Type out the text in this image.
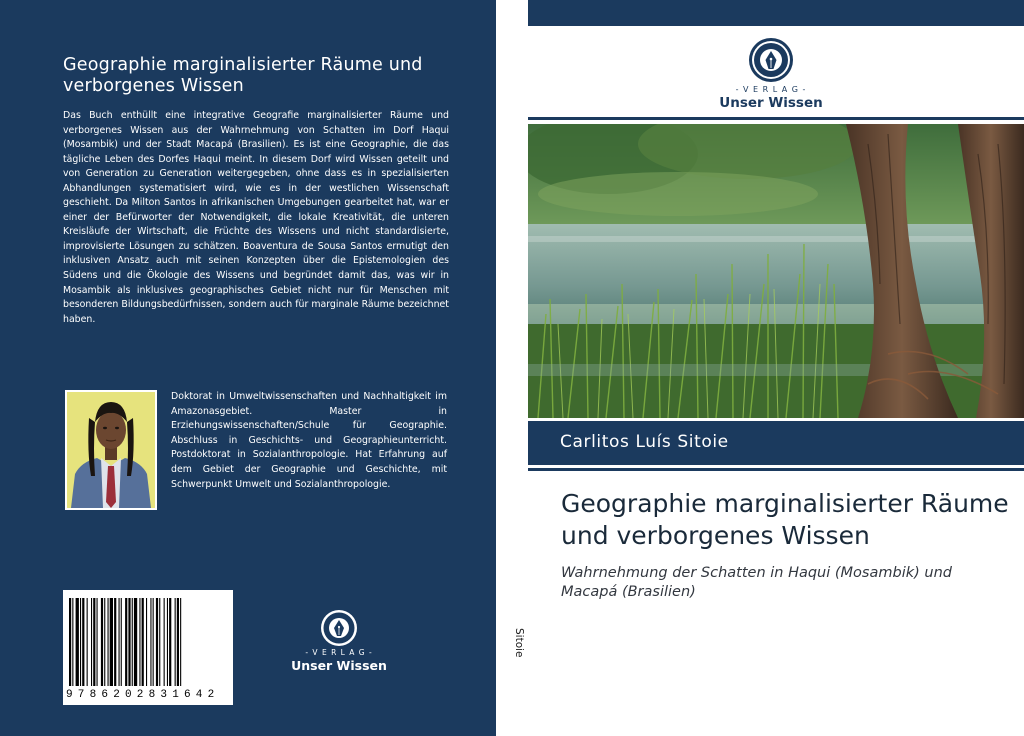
Geographie marginalisierter Räume und verborgenes Wissen
Das Buch enthüllt eine integrative Geografie marginalisierter Räume und verborgenes Wissen aus der Wahrnehmung von Schatten im Dorf Haqui (Mosambik) und der Stadt Macapá (Brasilien). Es ist eine Geographie, die das tägliche Leben des Dorfes Haqui meint. In diesem Dorf wird Wissen geteilt und von Generation zu Generation weitergegeben, ohne dass es in spezialisierten Abhandlungen systematisiert wird, wie es in der westlichen Wissenschaft geschieht. Da Milton Santos in afrikanischen Umgebungen gearbeitet hat, war er einer der Befürworter der Notwendigkeit, die lokale Kreativität, die unteren Kreisläufe der Wirtschaft, die Früchte des Wissens und nicht standardisierte, improvisierte Lösungen zu schätzen. Boaventura de Sousa Santos ermutigt den inklusiven Ansatz auch mit seinen Konzepten über die Epistemologien des Südens und die Ökologie des Wissens und begründet damit das, was wir in Mosambik als inklusives geographisches Gebiet nicht nur für Menschen mit besonderen Bildungsbedürfnissen, sondern auch für marginale Räume bezeichnet haben.
Doktorat in Umweltwissenschaften und Nachhaltigkeit im Amazonasgebiet. Master in Erziehungswissenschaften/Schule für Geographie. Abschluss in Geschichts- und Geographieunterricht. Postdoktorat in Sozialanthropologie. Hat Erfahrung auf dem Gebiet der Geographie und Geschichte, mit Schwerpunkt Umwelt und Sozialanthropologie.
9786202831642
- V E R L A G -
Unser Wissen
Sitoie
- V E R L A G -
Unser Wissen
Carlitos Luís Sitoie
Geographie marginalisierter Räume und verborgenes Wissen
Wahrnehmung der Schatten in Haqui (Mosambik) und Macapá (Brasilien)
